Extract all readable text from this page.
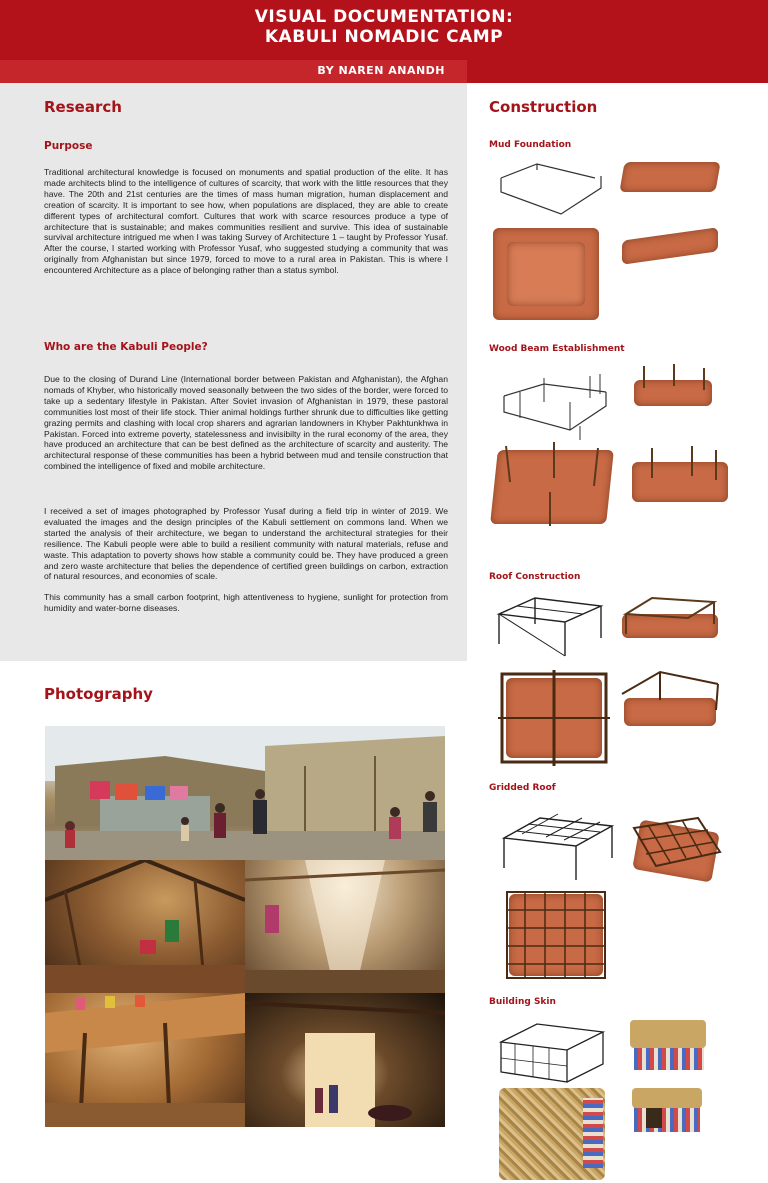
VISUAL DOCUMENTATION:
KABULI NOMADIC CAMP
BY NAREN ANANDH
Research
Purpose
Traditional architectural knowledge is focused on monuments and spatial production of the elite. It has made architects blind to the intelligence of cultures of scarcity, that work with the little resources that they have. The 20th and 21st centuries are the times of mass human migration, human displacement and creation of scarcity. It is important to see how, when populations are displaced, they are able to create different types of architectural comfort. Cultures that work with scarce resources produce a type of architecture that is sustainable; and makes communities resilient and survive. This idea of sustainable survival architecture intrigued me when I was taking Survey of Architecture 1 – taught by Professor Yusaf. After the course, I started working with Professor Yusaf, who suggested studying a community that was originally from Afghanistan but since 1979, forced to move to a rural area in Pakistan. This is where I encountered Architecture as a place of belonging rather than a status symbol.
Who are the Kabuli People?
Due to the closing of Durand Line (International border between Pakistan and Afghanistan), the Afghan nomads of Khyber, who historically moved seasonally between the two sides of the border, were forced to take up a sedentary lifestyle in Pakistan. After Soviet invasion of Afghanistan in 1979, these pastoral communities lost most of their life stock. Thier animal holdings further shrunk due to difficulties like getting grazing permits and clashing with local crop sharers and agrarian landowners in Khyber Pakhtunkhwa in Pakistan. Forced into extreme poverty, statelessness and invisibilty in the rural economy of the area, they have produced an architecture that can be best defined as the architecture of scarcity and austerity. The architectural response of these communities has been a hybrid between mud and tensile construction that combined the intelligence of fixed and mobile architecture.
I received a set of images photographed by Professor Yusaf during a field trip in winter of 2019. We evaluated the images and the design principles of the Kabuli settlement on commons land. When we started the analysis of their architecture, we began to understand the architectural strategies for their resilience. The Kabuli people were able to build a resilient community with natural materials, refuse and waste. This adaptation to poverty shows how stable a community could be. They have produced a green and zero waste architecture that belies the dependence of certified green buildings on carbon, extraction of natural resources, and economies of scale.
This community has a small carbon footprint, high attentiveness to hygiene, sunlight for protection from humidity and water-borne diseases.
Photography
Construction
Mud Foundation
Wood Beam Establishment
Roof Construction
Gridded Roof
Building Skin
